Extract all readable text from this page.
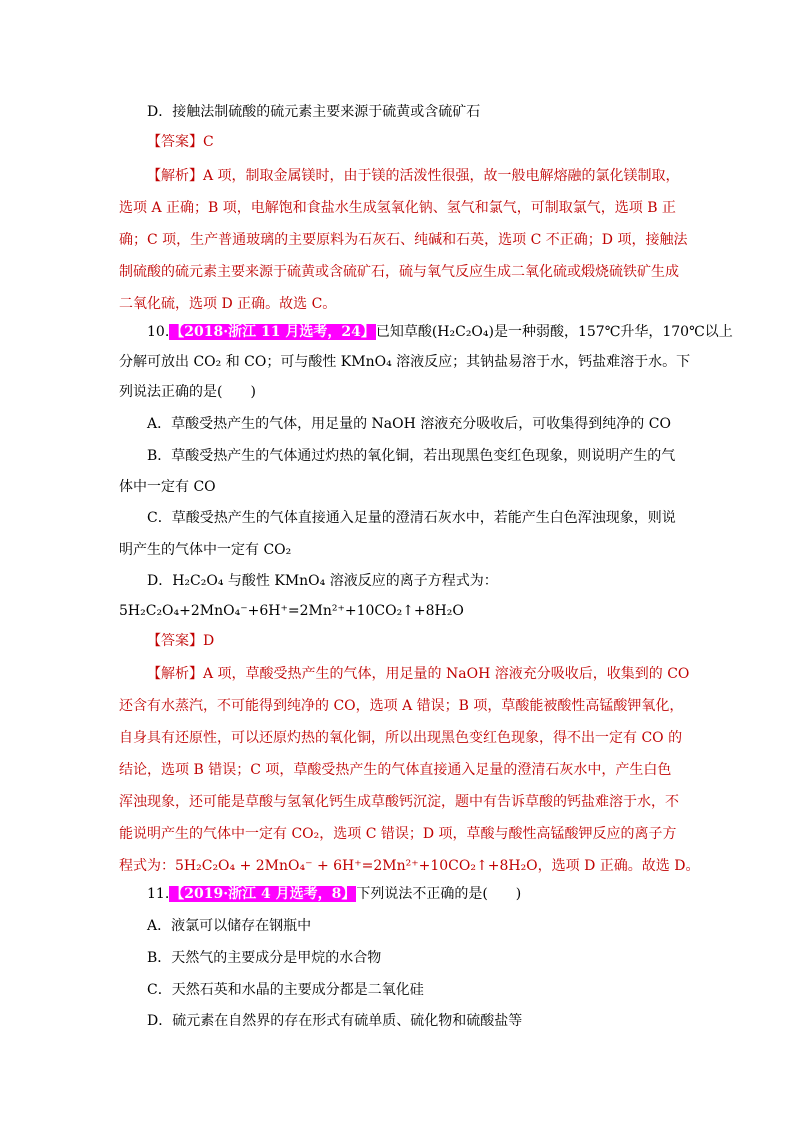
D．接触法制硫酸的硫元素主要来源于硫黄或含硫矿石
【答案】C
【解析】A 项，制取金属镁时，由于镁的活泼性很强，故一般电解熔融的氯化镁制取，
选项 A 正确；B 项，电解饱和食盐水生成氢氧化钠、氢气和氯气，可制取氯气，选项 B 正
确；C 项，生产普通玻璃的主要原料为石灰石、纯碱和石英，选项 C 不正确；D 项，接触法
制硫酸的硫元素主要来源于硫黄或含硫矿石，硫与氧气反应生成二氧化硫或煅烧硫铁矿生成
二氧化硫，选项 D 正确。故选 C。
10.【2018·浙江 11 月选考，24】已知草酸(H₂C₂O₄)是一种弱酸，157℃升华，170℃以上
分解可放出 CO₂ 和 CO；可与酸性 KMnO₄ 溶液反应；其钠盐易溶于水，钙盐难溶于水。下
列说法正确的是(　　)
A．草酸受热产生的气体，用足量的 NaOH 溶液充分吸收后，可收集得到纯净的 CO
B．草酸受热产生的气体通过灼热的氧化铜，若出现黑色变红色现象，则说明产生的气
体中一定有 CO
C．草酸受热产生的气体直接通入足量的澄清石灰水中，若能产生白色浑浊现象，则说
明产生的气体中一定有 CO₂
D．H₂C₂O₄ 与酸性 KMnO₄ 溶液反应的离子方程式为：
5H₂C₂O₄+2MnO₄⁻+6H⁺=2Mn²⁺+10CO₂↑+8H₂O
【答案】D
【解析】A 项，草酸受热产生的气体，用足量的 NaOH 溶液充分吸收后，收集到的 CO
还含有水蒸汽，不可能得到纯净的 CO，选项 A 错误；B 项，草酸能被酸性高锰酸钾氧化，
自身具有还原性，可以还原灼热的氧化铜，所以出现黑色变红色现象，得不出一定有 CO 的
结论，选项 B 错误；C 项，草酸受热产生的气体直接通入足量的澄清石灰水中，产生白色
浑浊现象，还可能是草酸与氢氧化钙生成草酸钙沉淀，题中有告诉草酸的钙盐难溶于水，不
能说明产生的气体中一定有 CO₂，选项 C 错误；D 项，草酸与酸性高锰酸钾反应的离子方
程式为：5H₂C₂O₄ + 2MnO₄⁻ + 6H⁺=2Mn²⁺+10CO₂↑+8H₂O，选项 D 正确。故选 D。
11.【2019·浙江 4 月选考，8】下列说法不正确的是(　　)
A．液氯可以储存在钢瓶中
B．天然气的主要成分是甲烷的水合物
C．天然石英和水晶的主要成分都是二氧化硅
D．硫元素在自然界的存在形式有硫单质、硫化物和硫酸盐等
